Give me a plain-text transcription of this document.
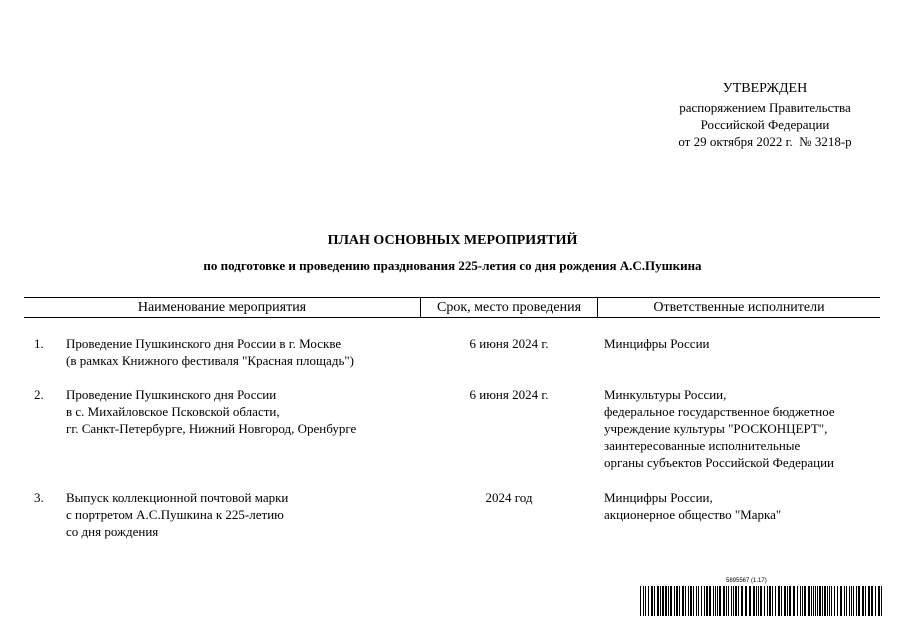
УТВЕРЖДЕН
распоряжением Правительства
Российской Федерации
от 29 октября 2022 г.  № 3218-р
ПЛАН ОСНОВНЫХ МЕРОПРИЯТИЙ
по подготовке и проведению празднования 225-летия со дня рождения А.С.Пушкина
Наименование мероприятия	Срок, место проведения	Ответственные исполнители
1. Проведение Пушкинского дня России в г. Москве
(в рамках Книжного фестиваля "Красная площадь")
6 июня 2024 г.	Минцифры России
2. Проведение Пушкинского дня России
в с. Михайловское Псковской области,
гг. Санкт-Петербурге, Нижний Новгород, Оренбурге
6 июня 2024 г.	Минкультуры России,
федеральное государственное бюджетное
учреждение культуры "РОСКОНЦЕРТ",
заинтересованные исполнительные
органы субъектов Российской Федерации
3. Выпуск коллекционной почтовой марки
с портретом А.С.Пушкина к 225-летию
со дня рождения
2024 год	Минцифры России,
акционерное общество "Марка"
5895567 (1.17)
